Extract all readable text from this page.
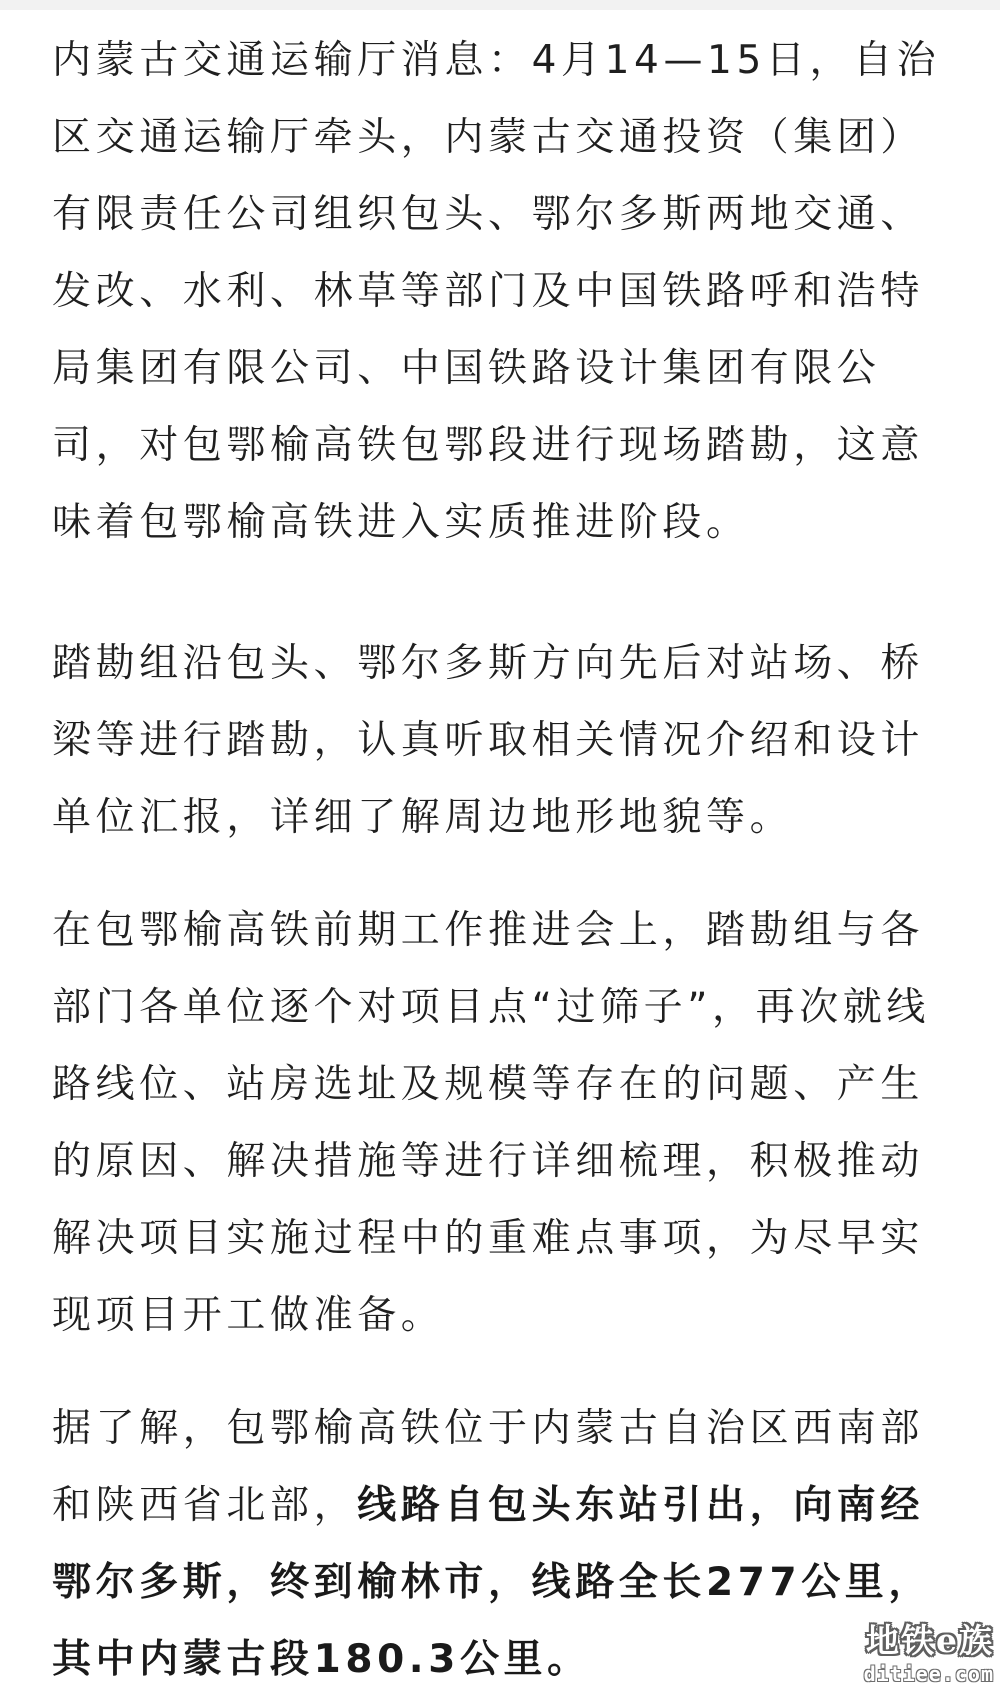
内蒙古交通运输厅消息：4月14—15日，自治区交通运输厅牵头，内蒙古交通投资（集团）有限责任公司组织包头、鄂尔多斯两地交通、发改、水利、林草等部门及中国铁路呼和浩特局集团有限公司、中国铁路设计集团有限公司，对包鄂榆高铁包鄂段进行现场踏勘，这意味着包鄂榆高铁进入实质推进阶段。

踏勘组沿包头、鄂尔多斯方向先后对站场、桥梁等进行踏勘，认真听取相关情况介绍和设计单位汇报，详细了解周边地形地貌等。

在包鄂榆高铁前期工作推进会上，踏勘组与各部门各单位逐个对项目点“过筛子”，再次就线路线位、站房选址及规模等存在的问题、产生的原因、解决措施等进行详细梳理，积极推动解决项目实施过程中的重难点事项，为尽早实现项目开工做准备。

据了解，包鄂榆高铁位于内蒙古自治区西南部和陕西省北部，线路自包头东站引出，向南经鄂尔多斯，终到榆林市，线路全长277公里，其中内蒙古段180.3公里。	地铁e族
ditiee.com
